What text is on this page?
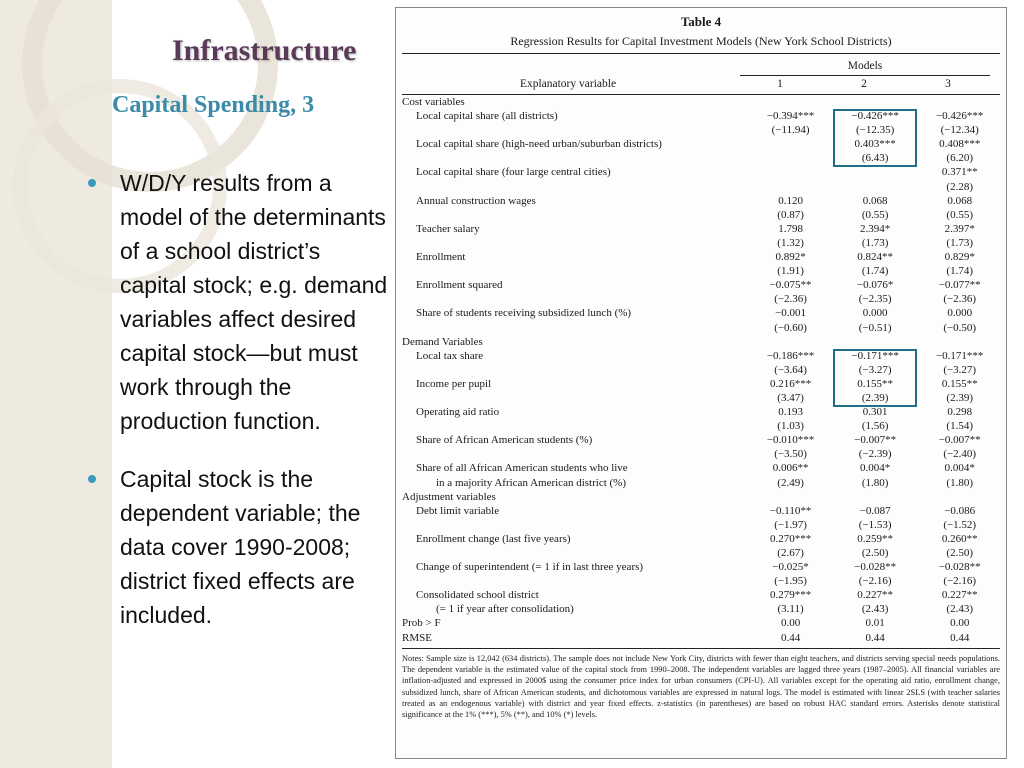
Infrastructure
Capital Spending, 3
W/D/Y results from a model of the determinants of a school district’s capital stock; e.g. demand variables affect desired capital stock—but must work through the production function.
Capital stock is the dependent variable; the data cover 1990-2008; district fixed effects are included.
Table 4
Regression Results for Capital Investment Models (New York School Districts)
Models
Explanatory variable	1	2	3
Cost variables			
Local capital share (all districts)	−0.394***	−0.426***	−0.426***
	(−11.94)	(−12.35)	(−12.34)
Local capital share (high-need urban/suburban districts)		0.403***	0.408***
		(6.43)	(6.20)
Local capital share (four large central cities)			0.371**
			(2.28)
Annual construction wages	0.120	0.068	0.068
	(0.87)	(0.55)	(0.55)
Teacher salary	1.798	2.394*	2.397*
	(1.32)	(1.73)	(1.73)
Enrollment	0.892*	0.824**	0.829*
	(1.91)	(1.74)	(1.74)
Enrollment squared	−0.075**	−0.076*	−0.077**
	(−2.36)	(−2.35)	(−2.36)
Share of students receiving subsidized lunch (%)	−0.001	0.000	0.000
	(−0.60)	(−0.51)	(−0.50)
Demand Variables			
Local tax share	−0.186***	−0.171***	−0.171***
	(−3.64)	(−3.27)	(−3.27)
Income per pupil	0.216***	0.155**	0.155**
	(3.47)	(2.39)	(2.39)
Operating aid ratio	0.193	0.301	0.298
	(1.03)	(1.56)	(1.54)
Share of African American students (%)	−0.010***	−0.007**	−0.007**
	(−3.50)	(−2.39)	(−2.40)
Share of all African American students who live	0.006**	0.004*	0.004*
in a majority African American district (%)	(2.49)	(1.80)	(1.80)
Adjustment variables			
Debt limit variable	−0.110**	−0.087	−0.086
	(−1.97)	(−1.53)	(−1.52)
Enrollment change (last five years)	0.270***	0.259**	0.260**
	(2.67)	(2.50)	(2.50)
Change of superintendent (= 1 if in last three years)	−0.025*	−0.028**	−0.028**
	(−1.95)	(−2.16)	(−2.16)
Consolidated school district	0.279***	0.227**	0.227**
(= 1 if year after consolidation)	(3.11)	(2.43)	(2.43)
Prob > F	0.00	0.01	0.00
RMSE	0.44	0.44	0.44
Notes: Sample size is 12,042 (634 districts). The sample does not include New York City, districts with fewer than eight teachers, and districts serving special needs populations. The dependent variable is the estimated value of the capital stock from 1990–2008. The independent variables are lagged three years (1987–2005). All financial variables are inflation-adjusted and expressed in 2000$ using the consumer price index for urban consumers (CPI-U). All variables except for the operating aid ratio, enrollment change, subsidized lunch, share of African American students, and dichotomous variables are expressed in natural logs. The model is estimated with linear 2SLS (with teacher salaries treated as an endogenous variable) with district and year fixed effects. z-statistics (in parentheses) are based on robust HAC standard errors. Asterisks denote statistical significance at the 1% (***), 5% (**), and 10% (*) levels.
